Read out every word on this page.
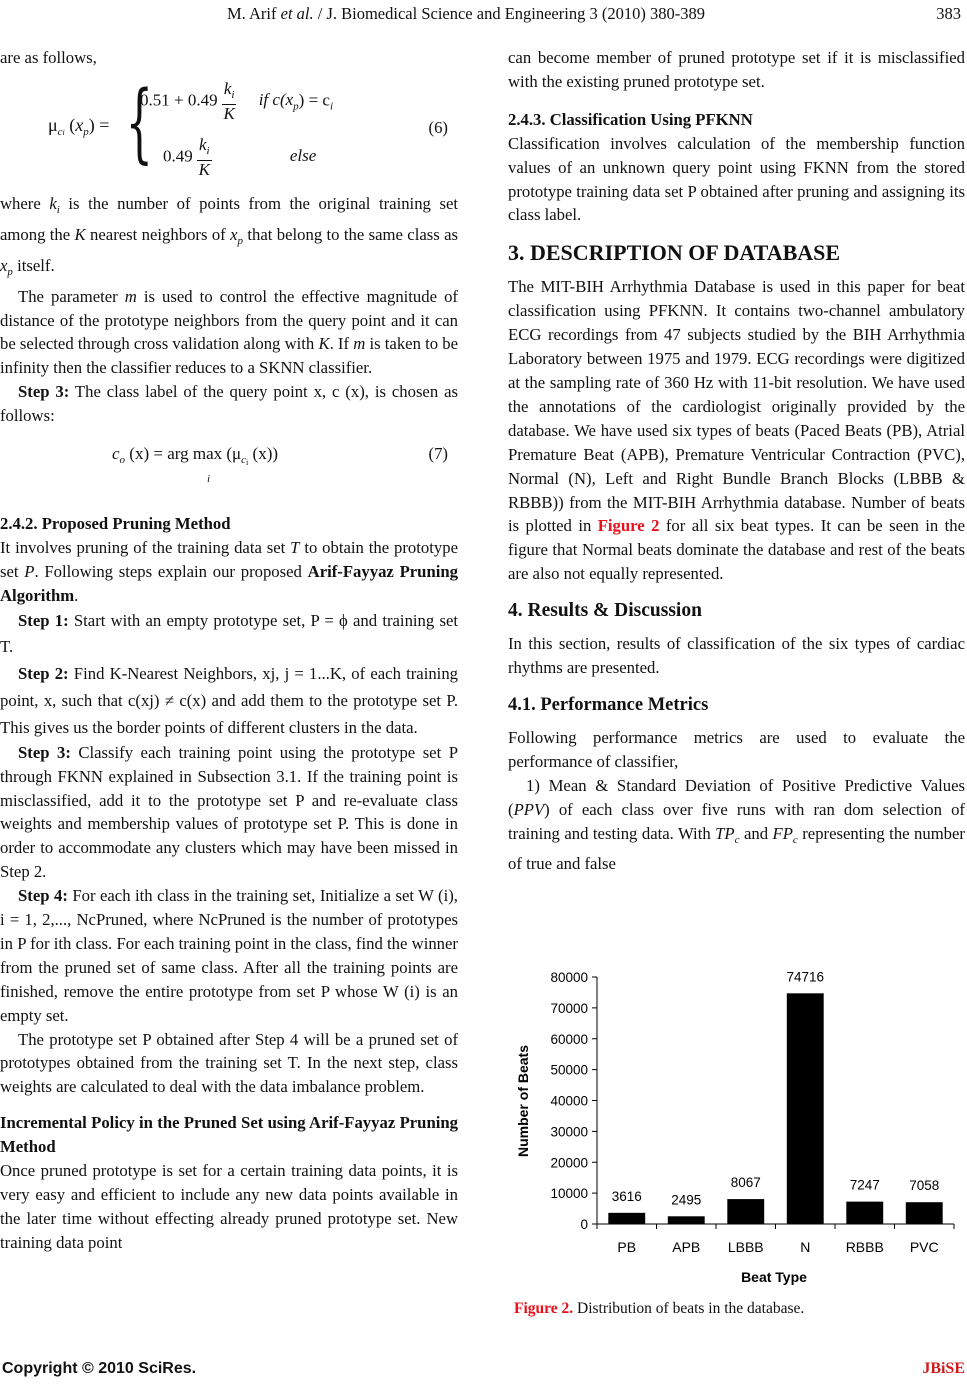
M. Arif et al. / J. Biomedical Science and Engineering 3 (2010) 380-389	383

are as follows,

$\mu_{ci}$ $(x_p)$ = {
$0.51 + 0.49 \frac{k_i}{K}$ if $c(x_p) = c_i$
$0.49 \frac{k_i}{K}$	else
(6)

where $k_i$ is the number of points from the original training set among the K nearest neighbors of $x_p$ that belong to the same class as $x_p$ itself.

The parameter m is used to control the effective magnitude of distance of the prototype neighbors from the query point and it can be selected through cross validation along with K. If m is taken to be infinity then the classifier reduces to a SKNN classifier.

Step 3: The class label of the query point x, c (x), is chosen as follows:

$c_o$ (x) = arg $\max (\mu_{ci}$ (x))
i
(7)

2.4.2. Proposed Pruning Method

It involves pruning of the training data set T to obtain the prototype set P. Following steps explain our proposed Arif-Fayyaz Pruning Algorithm.

Step 1: Start with an empty prototype set, P = ϕ and training set T.

Step 2: Find K-Nearest Neighbors, xj, j = 1...K, of each training point, x, such that c(xj) ≠ c(x) and add them to the prototype set P. This gives us the border points of different clusters in the data.

Step 3: Classify each training point using the prototype set P through FKNN explained in Subsection 3.1. If the training point is misclassified, add it to the prototype set P and re-evaluate class weights and membership values of prototype set P. This is done in order to accommodate any clusters which may have been missed in Step 2.

Step 4: For each ith class in the training set, Initialize a set W (i), i = 1, 2,..., NcPruned, where NcPruned is the number of prototypes in P for ith class. For each training point in the class, find the winner from the pruned set of same class. After all the training points are finished, remove the entire prototype from set P whose W (i) is an empty set.

The prototype set P obtained after Step 4 will be a pruned set of prototypes obtained from the training set T. In the next step, class weights are calculated to deal with the data imbalance problem.

Incremental Policy in the Pruned Set using Arif-Fayyaz Pruning Method

Once pruned prototype is set for a certain training data points, it is very easy and efficient to include any new data points available in the later time without effecting already pruned prototype set. New training data point

can become member of pruned prototype set if it is misclassified with the existing pruned prototype set.

2.4.3. Classification Using PFKNN

Classification involves calculation of the membership function values of an unknown query point using FKNN from the stored prototype training data set P obtained after pruning and assigning its class label.

3. DESCRIPTION OF DATABASE

The MIT-BIH Arrhythmia Database is used in this paper for beat classification using PFKNN. It contains two-channel ambulatory ECG recordings from 47 subjects studied by the BIH Arrhythmia Laboratory between 1975 and 1979. ECG recordings were digitized at the sampling rate of 360 Hz with 11-bit resolution. We have used the annotations of the cardiologist originally provided by the database. We have used six types of beats (Paced Beats (PB), Atrial Premature Beat (APB), Premature Ventricular Contraction (PVC), Normal (N), Left and Right Bundle Branch Blocks (LBBB & RBBB)) from the MIT-BIH Arrhythmia database. Number of beats is plotted in Figure 2 for all six beat types. It can be seen in the figure that Normal beats dominate the database and rest of the beats are also not equally represented.

4. Results & Discussion

In this section, results of classification of the six types of cardiac rhythms are presented.

4.1. Performance Metrics

Following performance metrics are used to evaluate the performance of classifier,

1) Mean & Standard Deviation of Positive Predictive Values (PPV) of each class over five runs with ran dom selection of training and testing data. With $TP_c$ and $FP_c$ representing the number of true and false

0
10000
20000
30000
40000
50000
60000
70000
80000
3616
PB
2495
APB
8067
LBBB
74716
N
7247
RBBB
7058
PVC
Number of Beats
Beat Type
Figure 2. Distribution of beats in the database.
Copyright © 2010 SciRes.	JBiSE
